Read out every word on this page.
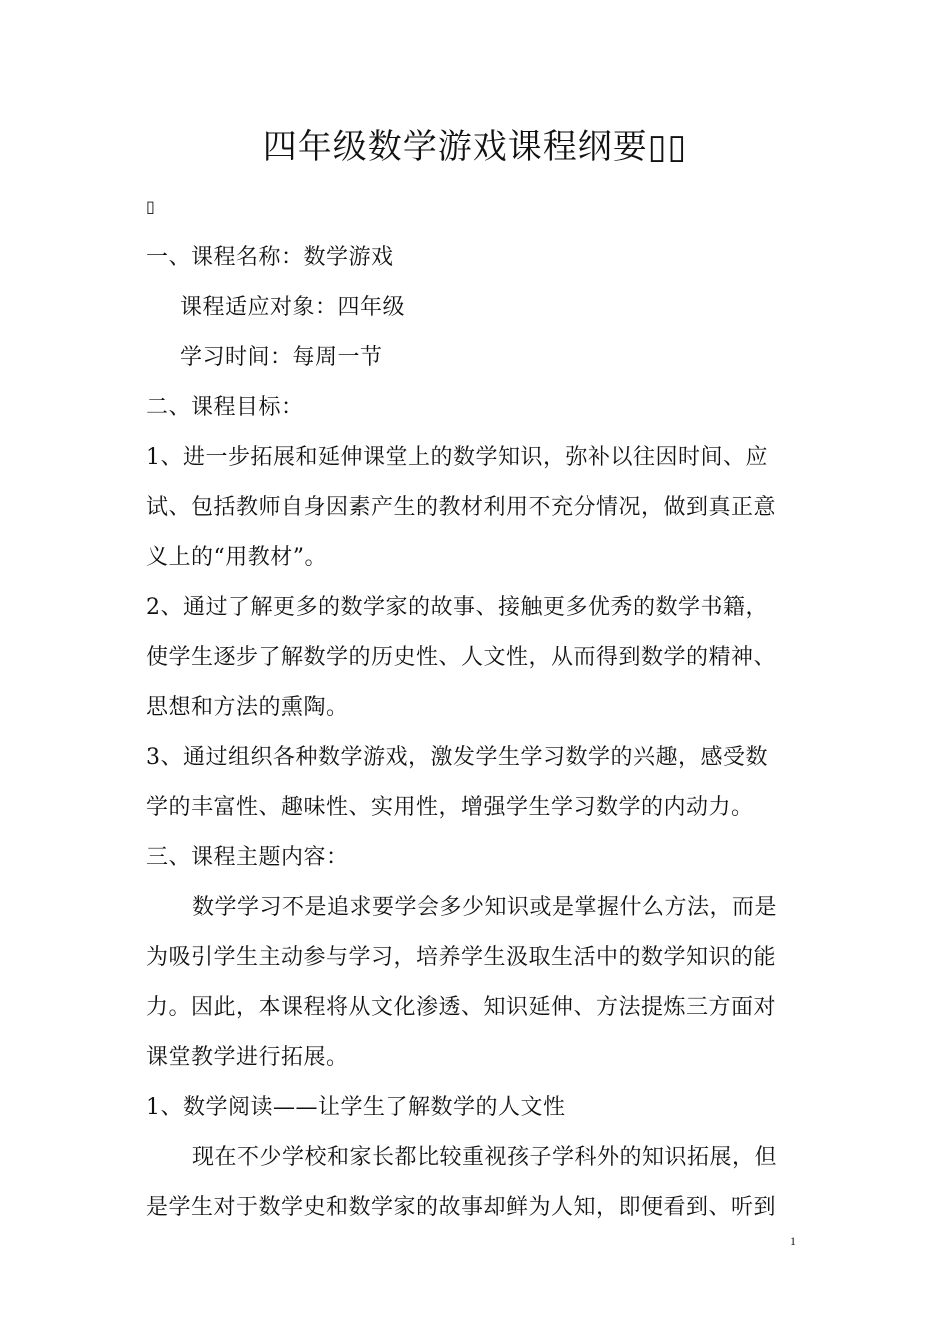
四年级数学游戏课程纲要▯▯
▯
一、课程名称：数学游戏
课程适应对象：四年级
学习时间：每周一节
二、课程目标：
1、进一步拓展和延伸课堂上的数学知识，弥补以往因时间、应
试、包括教师自身因素产生的教材利用不充分情况，做到真正意
义上的“用教材”。
2、通过了解更多的数学家的故事、接触更多优秀的数学书籍，
使学生逐步了解数学的历史性、人文性，从而得到数学的精神、
思想和方法的熏陶。
3、通过组织各种数学游戏，激发学生学习数学的兴趣，感受数
学的丰富性、趣味性、实用性，增强学生学习数学的内动力。
三、课程主题内容：
数学学习不是追求要学会多少知识或是掌握什么方法，而是
为吸引学生主动参与学习，培养学生汲取生活中的数学知识的能
力。因此，本课程将从文化渗透、知识延伸、方法提炼三方面对
课堂教学进行拓展。
1、数学阅读——让学生了解数学的人文性
现在不少学校和家长都比较重视孩子学科外的知识拓展，但
是学生对于数学史和数学家的故事却鲜为人知，即便看到、听到
1
